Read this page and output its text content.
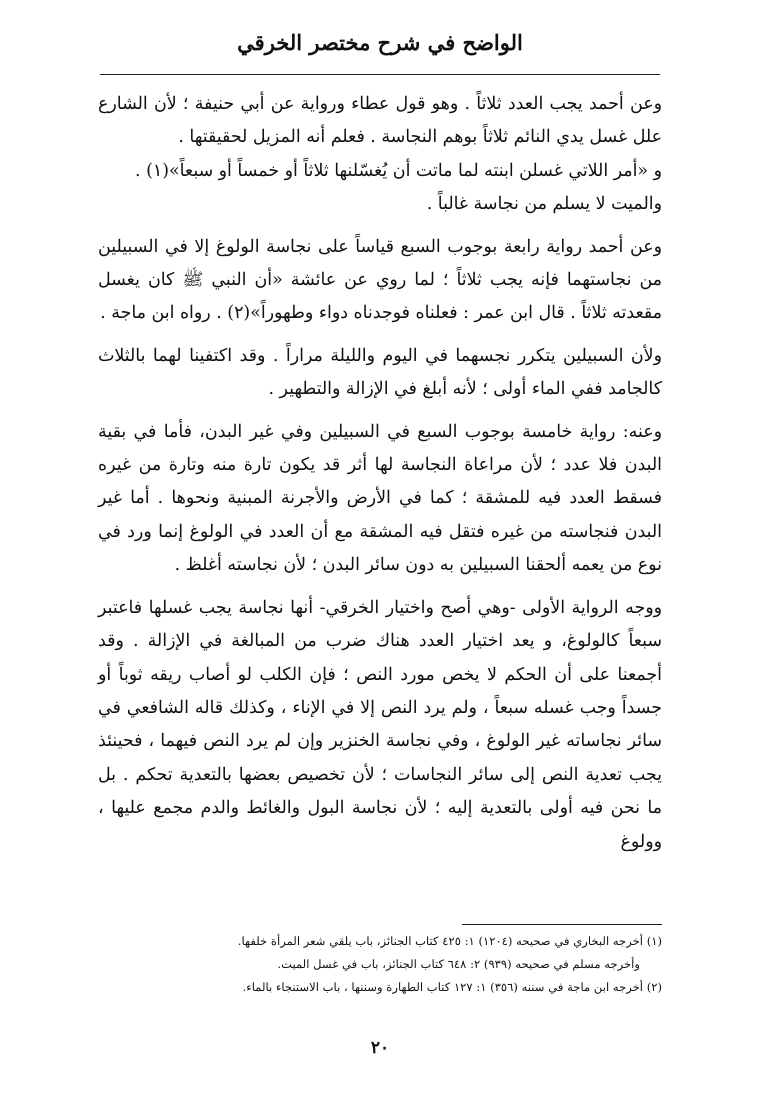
الواضح في شرح مختصر الخرقي

وعن أحمد يجب العدد ثلاثاً . وهو قول عطاء ورواية عن أبي حنيفة ؛ لأن الشارع علل غسل يدي النائم ثلاثاً بوهم النجاسة . فعلم أنه المزيل لحقيقتها .

و «أمر اللاتي غسلن ابنته لما ماتت أن يُغسّلنها ثلاثاً أو خمساً أو سبعاً»(١) .

والميت لا يسلم من نجاسة غالباً .

وعن أحمد رواية رابعة بوجوب السبع قياساً على نجاسة الولوغ إلا في السبيلين من نجاستهما فإنه يجب ثلاثاً ؛ لما روي عن عائشة «أن النبي ﷺ كان يغسل مقعدته ثلاثاً . قال ابن عمر : فعلناه فوجدناه دواء وطهوراً»(٢) . رواه ابن ماجة .

ولأن السبيلين يتكرر نجسهما في اليوم والليلة مراراً . وقد اكتفينا لهما بالثلاث كالجامد ففي الماء أولى ؛ لأنه أبلغ في الإزالة والتطهير .

وعنه: رواية خامسة بوجوب السبع في السبيلين وفي غير البدن، فأما في بقية البدن فلا عدد ؛ لأن مراعاة النجاسة لها أثر قد يكون تارة منه وتارة من غيره فسقط العدد فيه للمشقة ؛ كما في الأرض والأجرنة المبنية ونحوها . أما غير البدن فنجاسته من غيره فتقل فيه المشقة مع أن العدد في الولوغ إنما ورد في نوع من يعمه ألحقنا السبيلين به دون سائر البدن ؛ لأن نجاسته أغلظ .

ووجه الرواية الأولى -وهي أصح واختيار الخرقي- أنها نجاسة يجب غسلها فاعتبر سبعاً كالولوغ، و يعد اختيار العدد هناك ضرب من المبالغة في الإزالة . وقد أجمعنا على أن الحكم لا يخص مورد النص ؛ فإن الكلب لو أصاب ريقه ثوباً أو جسداً وجب غسله سبعاً ، ولم يرد النص إلا في الإناء ، وكذلك قاله الشافعي في سائر نجاساته غير الولوغ ، وفي نجاسة الخنزير وإن لم يرد النص فيهما ، فحينئذ يجب تعدية النص إلى سائر النجاسات ؛ لأن تخصيص بعضها بالتعدية تحكم . بل ما نحن فيه أولى بالتعدية إليه ؛ لأن نجاسة البول والغائط والدم مجمع عليها ، وولوغ

(١) أخرجه البخاري في صحيحه (١٢٠٤) ١: ٤٢٥ كتاب الجنائز، باب يلقي شعر المرأة خلفها.

وأخرجه مسلم في صحيحه (٩٣٩) ٢: ٦٤٨ كتاب الجنائز، باب في غسل الميت.

(٢) أخرجه ابن ماجة في سننه (٣٥٦) ١: ١٢٧ كتاب الطهارة وسننها ، باب الاستنجاء بالماء.

٢٠
